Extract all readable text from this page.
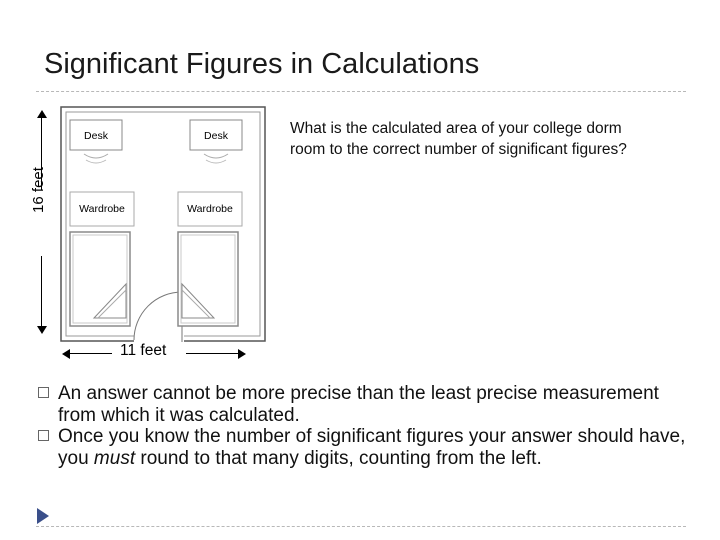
Significant Figures in Calculations
16 feet
Desk	Desk
Wardrobe	Wardrobe
11 feet
What is the calculated area of your college dorm room to the correct number of significant figures?
An answer cannot be more precise than the least precise measurement from which it was calculated.
Once you know the number of significant figures your answer should have, you must round to that many digits, counting from the left.
